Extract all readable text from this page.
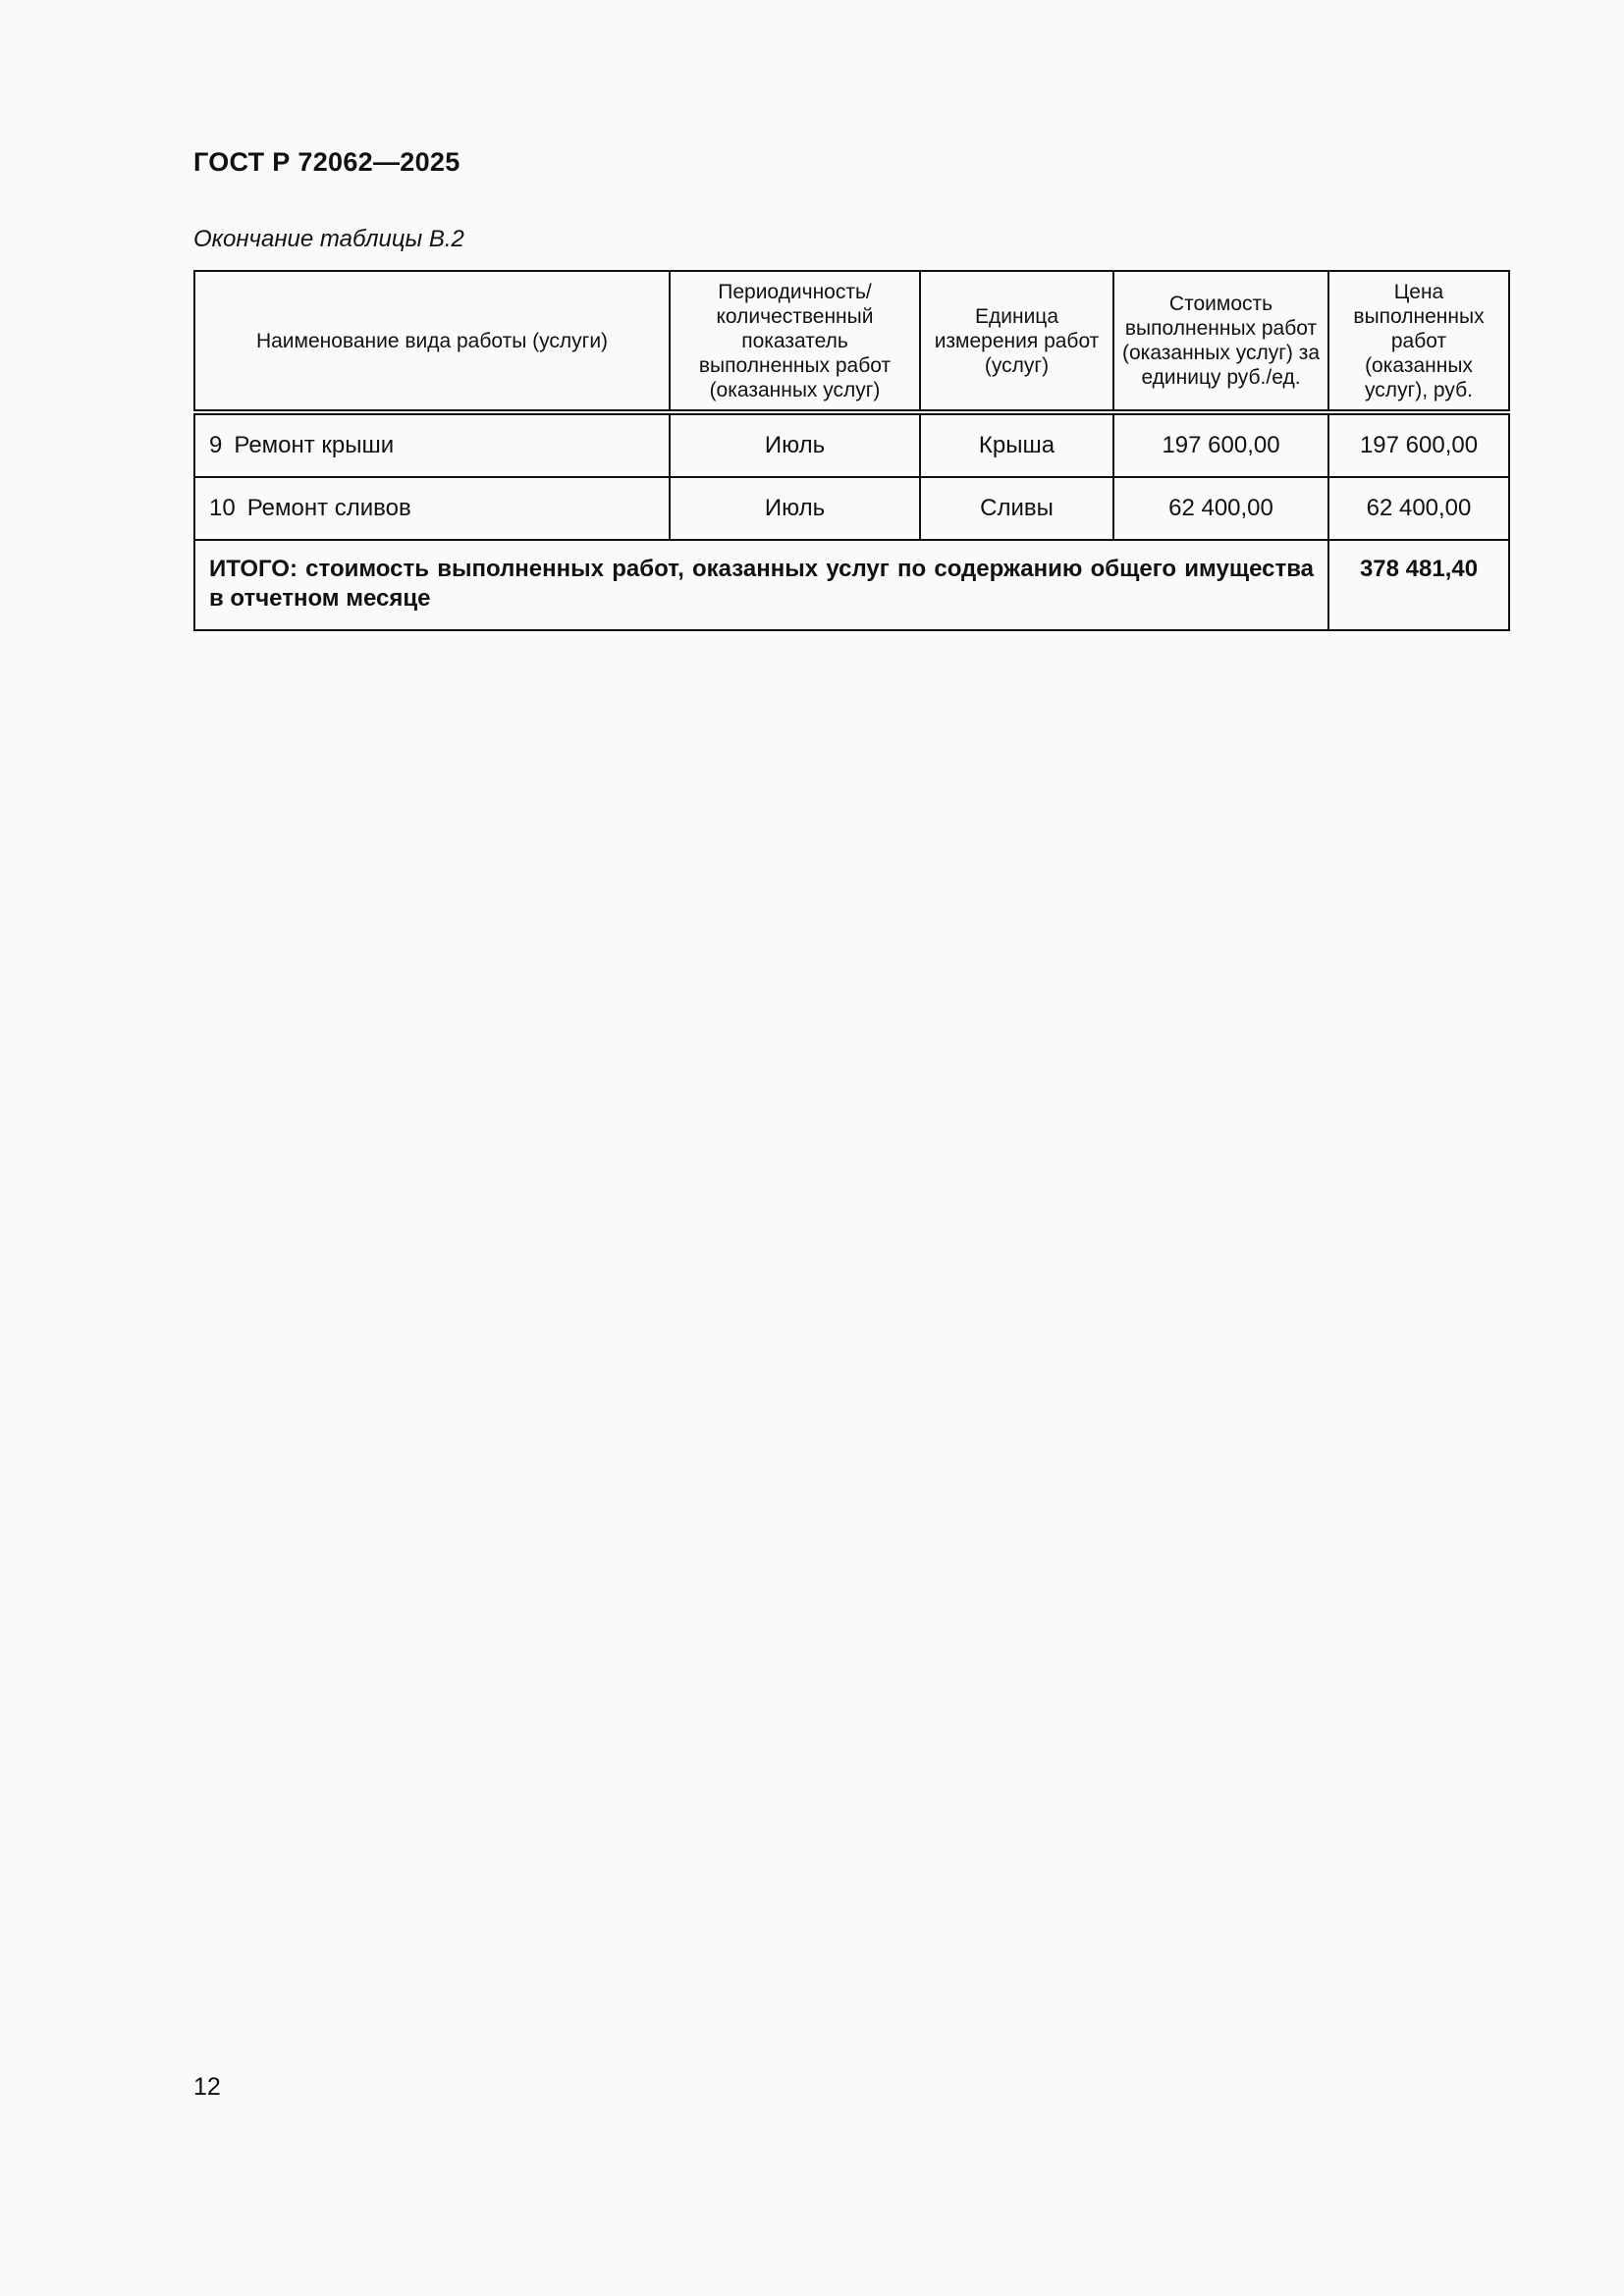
ГОСТ Р 72062—2025
Окончание таблицы В.2
Наименование вида работы (услуги)	Периодичность/ количественный показатель выполненных работ (оказанных услуг)	Единица измерения работ (услуг)	Стоимость выполненных работ (оказанных услуг) за единицу руб./ед.	Цена выполненных работ (оказанных услуг), руб.
9 Ремонт крыши	Июль	Крыша	197 600,00	197 600,00
10 Ремонт сливов	Июль	Сливы	62 400,00	62 400,00
ИТОГО: стоимость выполненных работ, оказанных услуг по содержанию общего имущества в отчетном месяце				378 481,40
12
